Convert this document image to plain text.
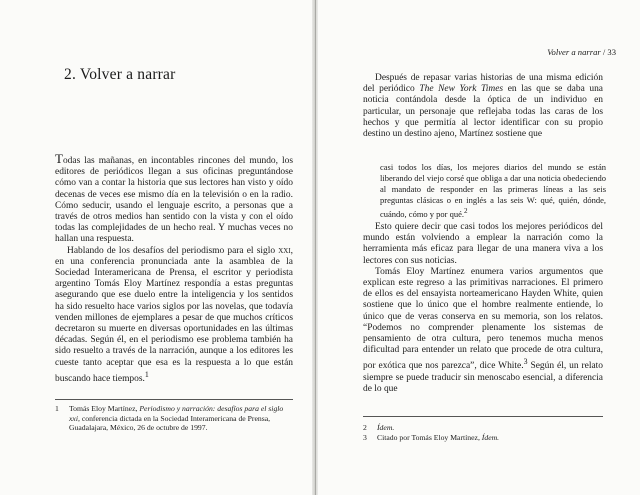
2. Volver a narrar

Todas las mañanas, en incontables rincones del mundo, los editores de periódicos llegan a sus oficinas preguntándose cómo van a contar la historia que sus lectores han visto y oído decenas de veces ese mismo día en la televisión o en la radio. Cómo seducir, usando el lenguaje escrito, a personas que a través de otros medios han sentido con la vista y con el oído todas las complejidades de un hecho real. Y muchas veces no hallan una respuesta.

Hablando de los desafíos del periodismo para el siglo xxi, en una conferencia pronunciada ante la asamblea de la Sociedad Interamericana de Prensa, el escritor y periodista argentino Tomás Eloy Martínez respondía a estas preguntas asegurando que ese duelo entre la inteligencia y los sentidos ha sido resuelto hace varios siglos por las novelas, que todavía venden millones de ejemplares a pesar de que muchos críticos decretaron su muerte en diversas oportunidades en las últimas décadas. Según él, en el periodismo ese problema también ha sido resuelto a través de la narración, aunque a los editores les cueste tanto aceptar que esa es la respuesta a lo que están buscando hace tiempos.$^1$

1 Tomás Eloy Martínez, Periodismo y narración: desafíos para el siglo xxi, conferencia dictada en la Sociedad Interamericana de Prensa, Guadalajara, México, 26 de octubre de 1997.
Volver a narrar / 33

Después de repasar varias historias de una misma edición del periódico The New York Times en las que se daba una noticia contándola desde la óptica de un individuo en particular, un personaje que reflejaba todas las caras de los hechos y que permitía al lector identificar con su propio destino un destino ajeno, Martínez sostiene que

casi todos los días, los mejores diarios del mundo se están liberando del viejo corsé que obliga a dar una noticia obedeciendo al mandato de responder en las primeras líneas a las seis preguntas clásicas o en inglés a las seis W: qué, quién, dónde, cuándo, cómo y por qué.$^2$

Esto quiere decir que casi todos los mejores periódicos del mundo están volviendo a emplear la narración como la herramienta más eficaz para llegar de una manera viva a los lectores con sus noticias.

Tomás Eloy Martínez enumera varios argumentos que explican este regreso a las primitivas narraciones. El primero de ellos es del ensayista norteamericano Hayden White, quien sostiene que lo único que el hombre realmente entiende, lo único que de veras conserva en su memoria, son los relatos. “Podemos no comprender plenamente los sistemas de pensamiento de otra cultura, pero tenemos mucha menos dificultad para entender un relato que procede de otra cultura, por exótica que nos parezca”, dice White.$^3$ Según él, un relato siempre se puede traducir sin menoscabo esencial, a diferencia de lo que

2 Ídem.
3 Citado por Tomás Eloy Martínez, Ídem.
